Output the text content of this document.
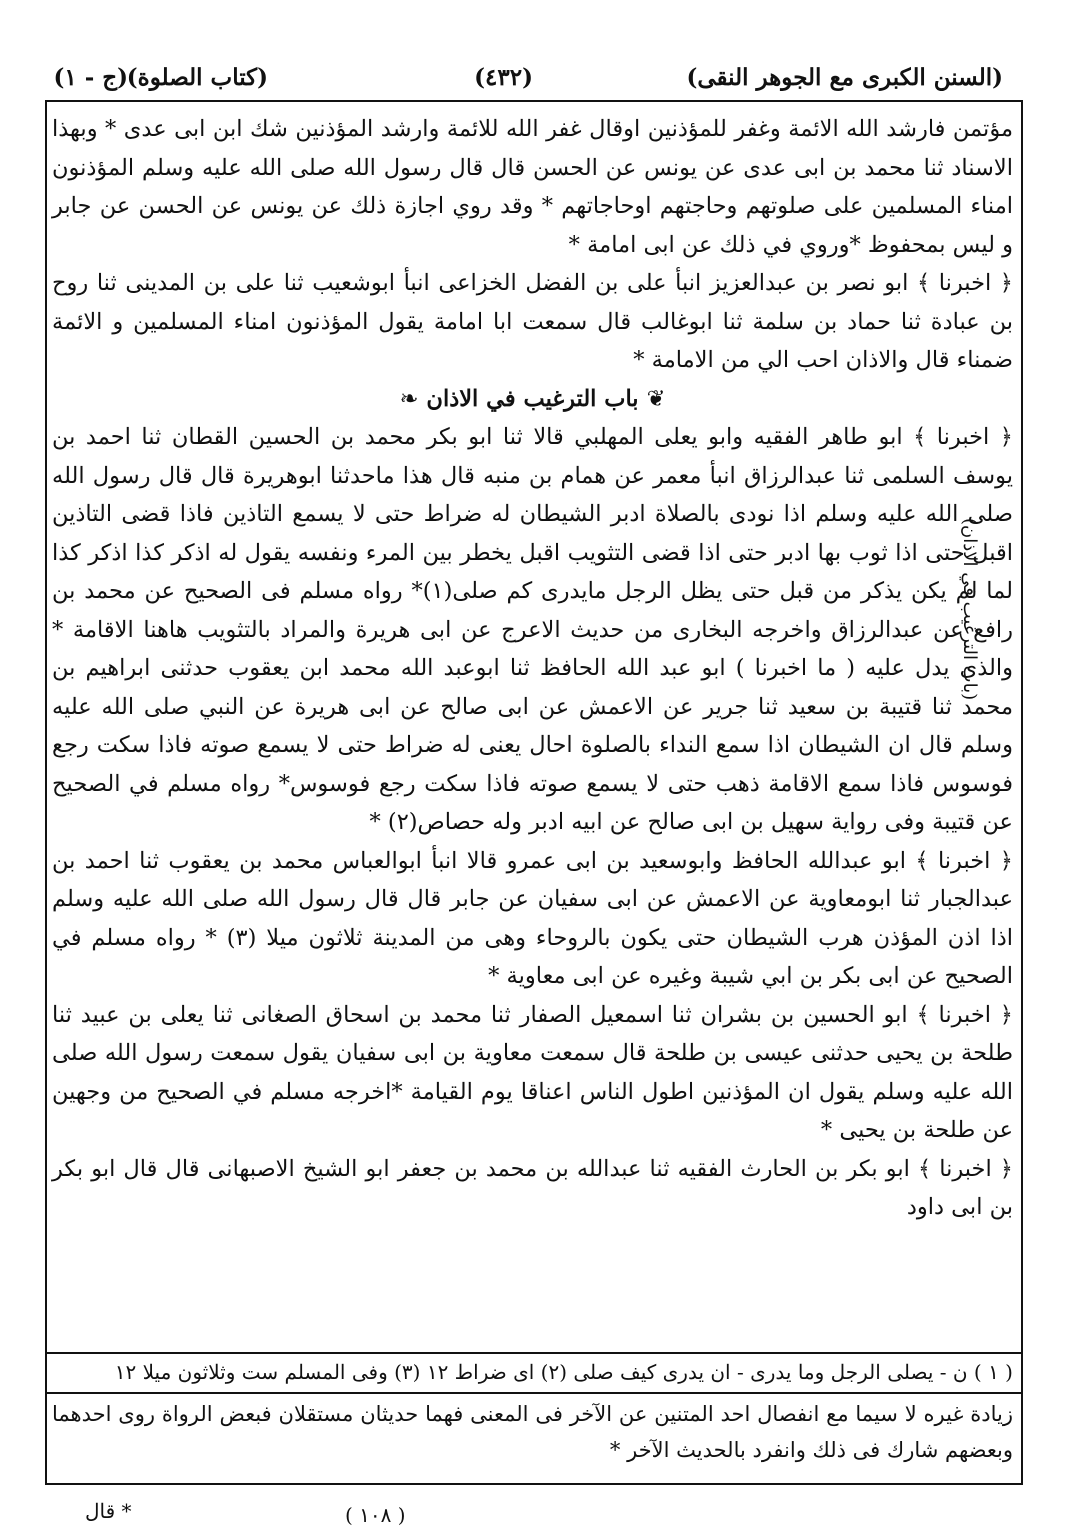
(السنن الكبرى مع الجوهر النقى)
(٤٣٢)
(كتاب الصلوة)
(ج - ١)

مؤتمن فارشد الله الائمة وغفر للمؤذنين اوقال غفر الله للائمة وارشد المؤذنين شك ابن ابى عدى * وبهذا الاسناد ثنا محمد بن ابى عدى عن يونس عن الحسن قال قال رسول الله صلى الله عليه وسلم المؤذنون امناء المسلمين على صلوتهم وحاجتهم اوحاجاتهم * وقد روي اجازة ذلك عن يونس عن الحسن عن جابر و ليس بمحفوظ *وروي في ذلك عن ابى امامة *

﴿ اخبرنا ﴾ ابو نصر بن عبدالعزيز انبأ على بن الفضل الخزاعى انبأ ابوشعيب ثنا على بن المدينى ثنا روح بن عبادة ثنا حماد بن سلمة ثنا ابوغالب قال سمعت ابا امامة يقول المؤذنون امناء المسلمين و الائمة ضمناء قال والاذان احب الي من الامامة *

❦باب الترغيب في الاذان❧

﴿ اخبرنا ﴾ ابو طاهر الفقيه وابو يعلى المهلبي قالا ثنا ابو بكر محمد بن الحسين القطان ثنا احمد بن يوسف السلمى ثنا عبدالرزاق انبأ معمر عن همام بن منبه قال هذا ماحدثنا ابوهريرة قال قال رسول الله صلى الله عليه وسلم اذا نودى بالصلاة ادبر الشيطان له ضراط حتى لا يسمع التاذين فاذا قضى التاذين اقبل حتى اذا ثوب بها ادبر حتى اذا قضى التثويب اقبل يخطر بين المرء ونفسه يقول له اذكر كذا اذكر كذا لما لم يكن يذكر من قبل حتى يظل الرجل مايدرى كم صلى(١)* رواه مسلم فى الصحيح عن محمد بن رافع عن عبدالرزاق واخرجه البخارى من حديث الاعرج عن ابى هريرة والمراد بالتثويب هاهنا الاقامة * والذى يدل عليه ( ما اخبرنا ) ابو عبد الله الحافظ ثنا ابوعبد الله محمد ابن يعقوب حدثنى ابراهيم بن محمد ثنا قتيبة بن سعيد ثنا جرير عن الاعمش عن ابى صالح عن ابى هريرة عن النبي صلى الله عليه وسلم قال ان الشيطان اذا سمع النداء بالصلوة احال يعنى له ضراط حتى لا يسمع صوته فاذا سكت رجع فوسوس فاذا سمع الاقامة ذهب حتى لا يسمع صوته فاذا سكت رجع فوسوس* رواه مسلم في الصحيح عن قتيبة وفى رواية سهيل بن ابى صالح عن ابيه ادبر وله حصاص(٢) *

﴿ اخبرنا ﴾ ابو عبدالله الحافظ وابوسعيد بن ابى عمرو قالا انبأ ابوالعباس محمد بن يعقوب ثنا احمد بن عبدالجبار ثنا ابومعاوية عن الاعمش عن ابى سفيان عن جابر قال قال رسول الله صلى الله عليه وسلم اذا اذن المؤذن هرب الشيطان حتى يكون بالروحاء وهى من المدينة ثلاثون ميلا (٣) * رواه مسلم في الصحيح عن ابى بكر بن ابي شيبة وغيره عن ابى معاوية *

﴿ اخبرنا ﴾ ابو الحسين بن بشران ثنا اسمعيل الصفار ثنا محمد بن اسحاق الصغانى ثنا يعلى بن عبيد ثنا طلحة بن يحيى حدثنى عيسى بن طلحة قال سمعت معاوية بن ابى سفيان يقول سمعت رسول الله صلى الله عليه وسلم يقول ان المؤذنين اطول الناس اعناقا يوم القيامة *اخرجه مسلم في الصحيح من وجهين عن طلحة بن يحيى *

﴿ اخبرنا ﴾ ابو بكر بن الحارث الفقيه ثنا عبدالله بن محمد بن جعفر ابو الشيخ الاصبهانى قال قال ابو بكر بن ابى داود

(باب الترغيب في الاذان)
( ١ ) ن - يصلى الرجل وما يدرى - ان يدرى كيف صلى (٢) اى ضراط ١٢ (٣) وفى المسلم ست وثلاثون ميلا ١٢

زيادة غيره لا سيما مع انفصال احد المتنين عن الآخر فى المعنى فهما حديثان مستقلان فبعض الرواة روى احدهما وبعضهم شارك فى ذلك وانفرد بالحديث الآخر *

* قال	( ١٠٨ )
